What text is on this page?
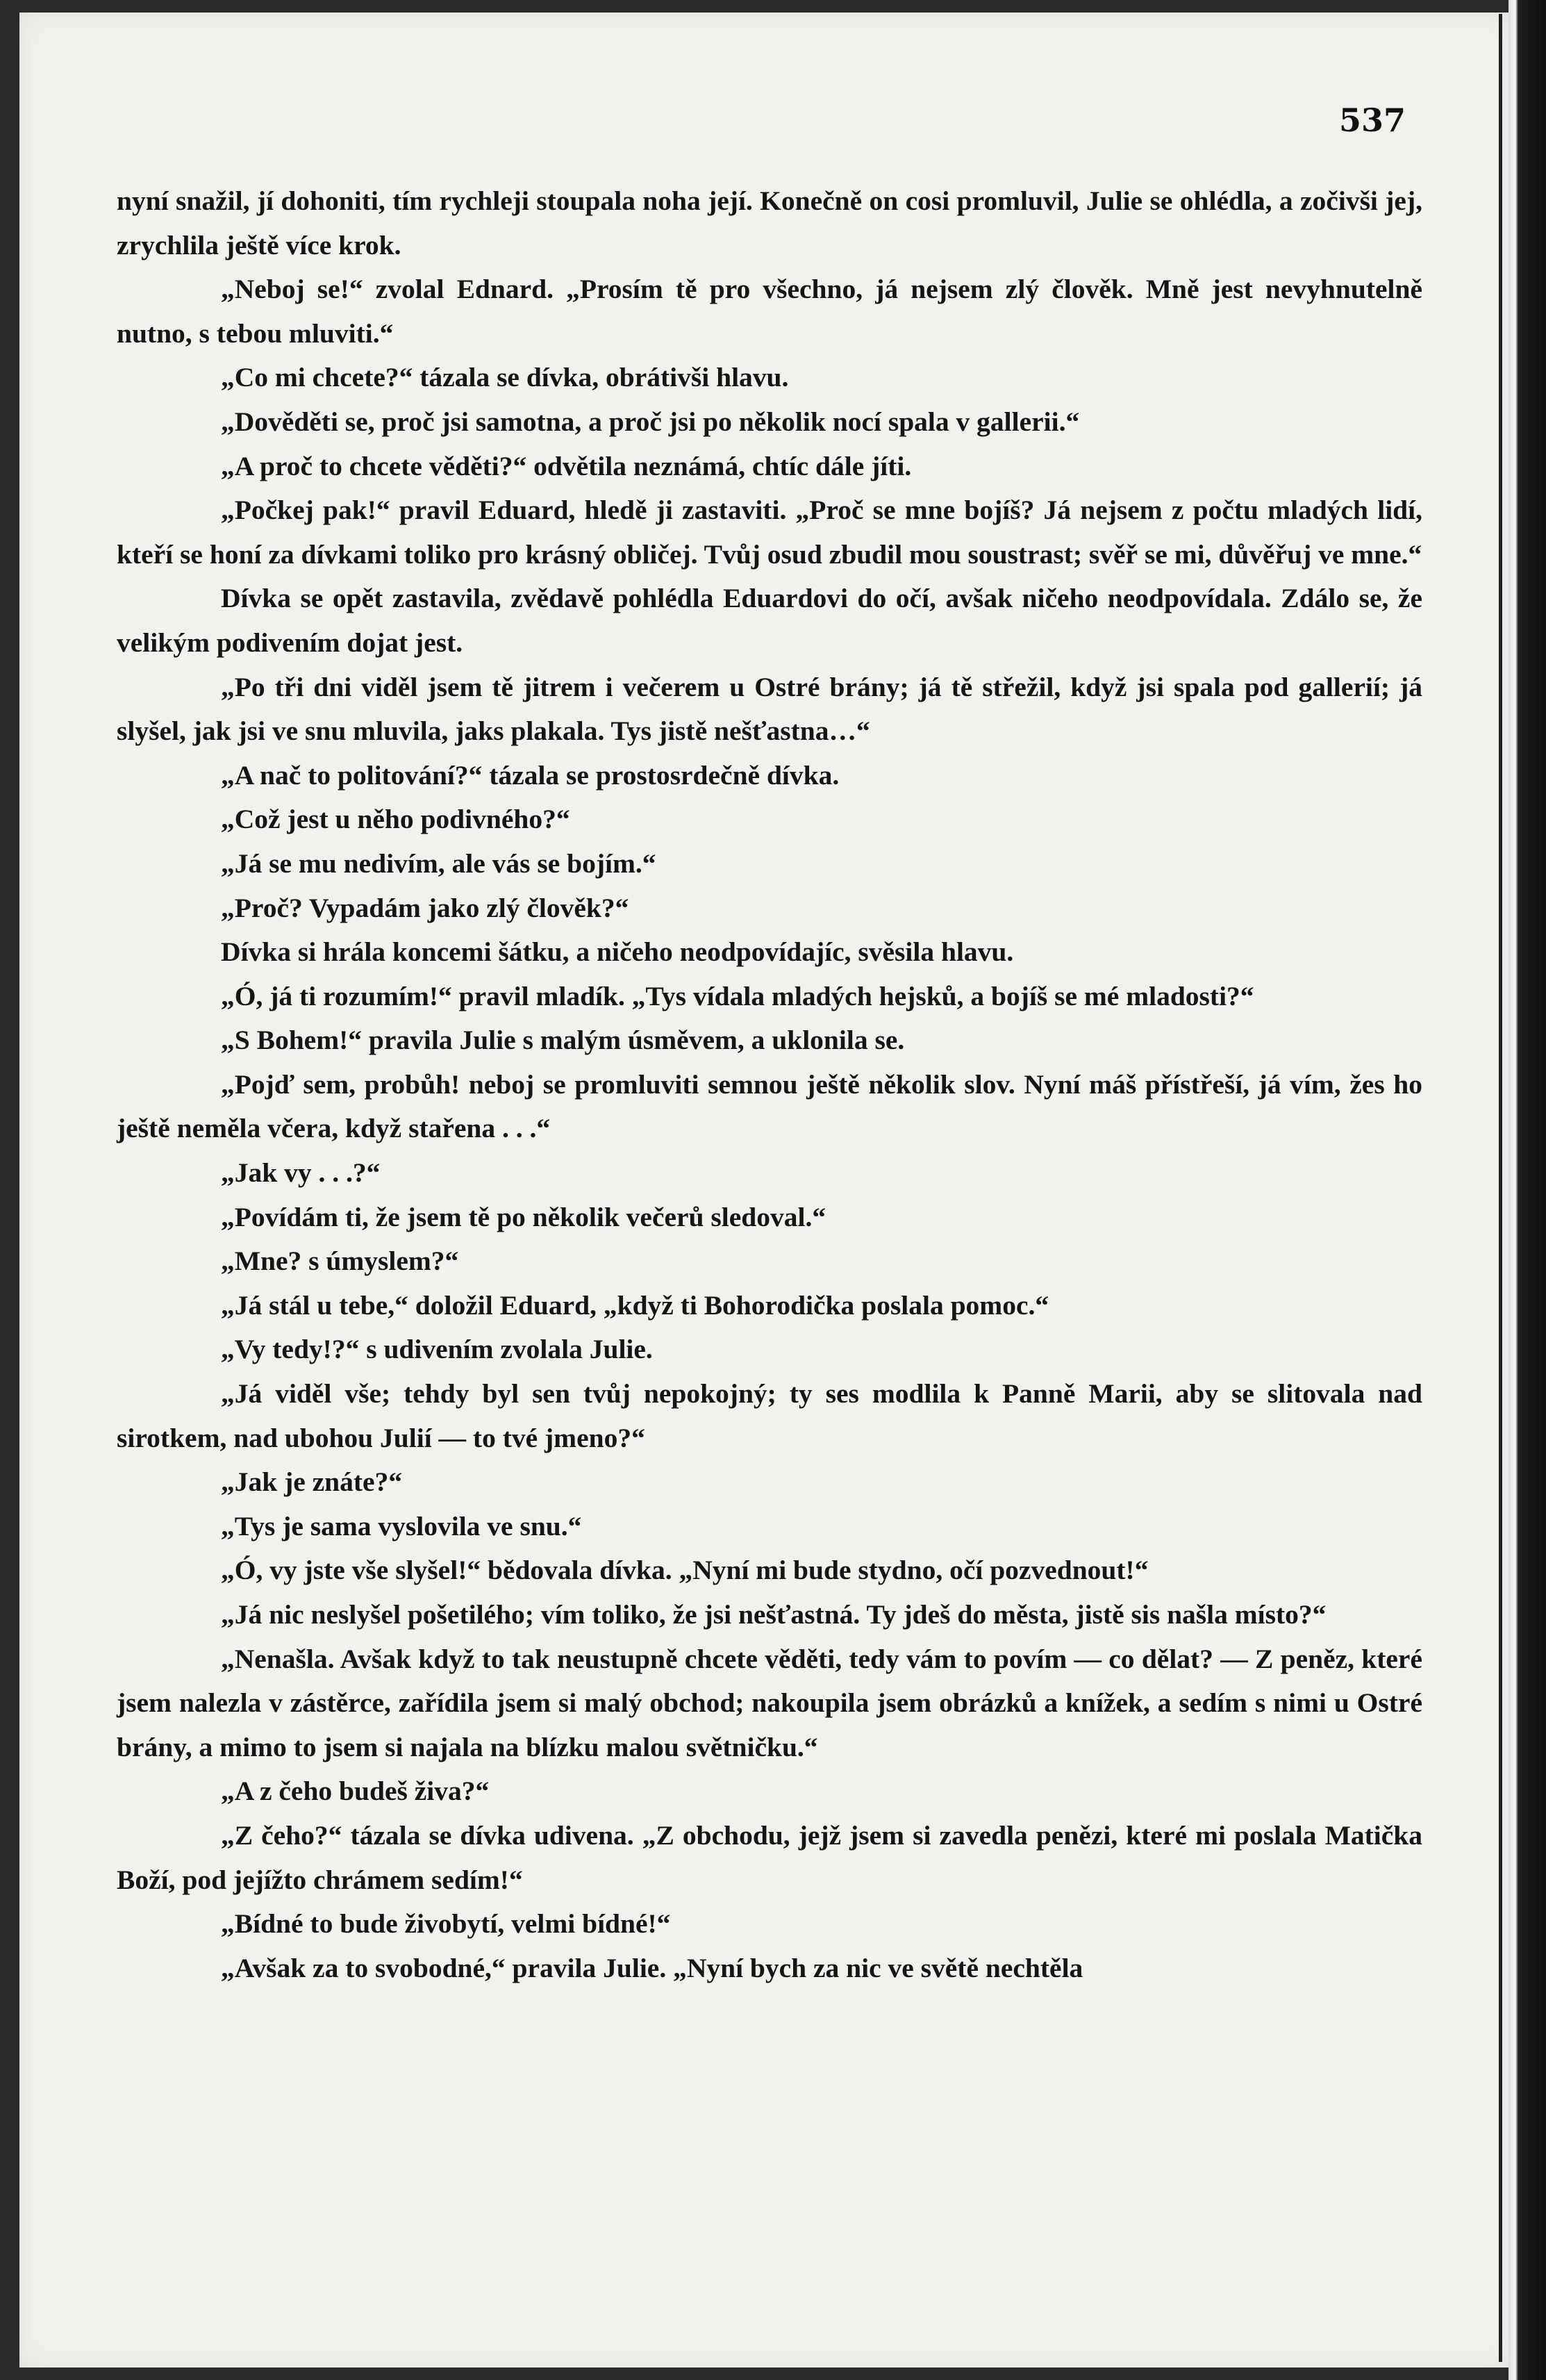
537

nyní snažil, jí dohoniti, tím rychleji stoupala noha její. Konečně on cosi promluvil, Julie se ohlédla, a zočivši jej, zrychlila ještě více krok.

„Neboj se!“ zvolal Ednard. „Prosím tě pro všechno, já nejsem zlý člověk. Mně jest nevyhnutelně nutno, s tebou mluviti.“

„Co mi chcete?“ tázala se dívka, obrátivši hlavu.

„Dověděti se, proč jsi samotna, a proč jsi po několik nocí spala v gallerii.“

„A proč to chcete věděti?“ odvětila neznámá, chtíc dále jíti.

„Počkej pak!“ pravil Eduard, hledě ji zastaviti. „Proč se mne bojíš? Já nejsem z počtu mladých lidí, kteří se honí za dívkami toliko pro krásný obličej. Tvůj osud zbudil mou soustrast; svěř se mi, důvěřuj ve mne.“

Dívka se opět zastavila, zvědavě pohlédla Eduardovi do očí, avšak ničeho neodpovídala. Zdálo se, že velikým podivením dojat jest.

„Po tři dni viděl jsem tě jitrem i večerem u Ostré brány; já tě střežil, když jsi spala pod gallerií; já slyšel, jak jsi ve snu mluvila, jaks plakala. Tys jistě nešťastna…“

„A nač to politování?“ tázala se prostosrdečně dívka.

„Což jest u něho podivného?“

„Já se mu nedivím, ale vás se bojím.“

„Proč? Vypadám jako zlý člověk?“

Dívka si hrála koncemi šátku, a ničeho neodpovídajíc, svěsila hlavu.

„Ó, já ti rozumím!“ pravil mladík. „Tys vídala mladých hejsků, a bojíš se mé mladosti?“

„S Bohem!“ pravila Julie s malým úsměvem, a uklonila se.

„Pojď sem, probůh! neboj se promluviti semnou ještě několik slov. Nyní máš přístřeší, já vím, žes ho ještě neměla včera, když stařena . . .“

„Jak vy . . .?“

„Povídám ti, že jsem tě po několik večerů sledoval.“

„Mne? s úmyslem?“

„Já stál u tebe,“ doložil Eduard, „když ti Bohorodička poslala pomoc.“

„Vy tedy!?“ s udivením zvolala Julie.

„Já viděl vše; tehdy byl sen tvůj nepokojný; ty ses modlila k Panně Marii, aby se slitovala nad sirotkem, nad ubohou Julií — to tvé jmeno?“

„Jak je znáte?“

„Tys je sama vyslovila ve snu.“

„Ó, vy jste vše slyšel!“ bědovala dívka. „Nyní mi bude stydno, očí pozvednout!“

„Já nic neslyšel pošetilého; vím toliko, že jsi nešťastná. Ty jdeš do města, jistě sis našla místo?“

„Nenašla. Avšak když to tak neustupně chcete věděti, tedy vám to povím — co dělat? — Z peněz, které jsem nalezla v zástěrce, zařídila jsem si malý obchod; nakoupila jsem obrázků a knížek, a sedím s nimi u Ostré brány, a mimo to jsem si najala na blízku malou světničku.“

„A z čeho budeš živa?“

„Z čeho?“ tázala se dívka udivena. „Z obchodu, jejž jsem si zavedla penězi, které mi poslala Matička Boží, pod jejížto chrámem sedím!“

„Bídné to bude živobytí, velmi bídné!“

„Avšak za to svobodné,“ pravila Julie. „Nyní bych za nic ve světě nechtěla
